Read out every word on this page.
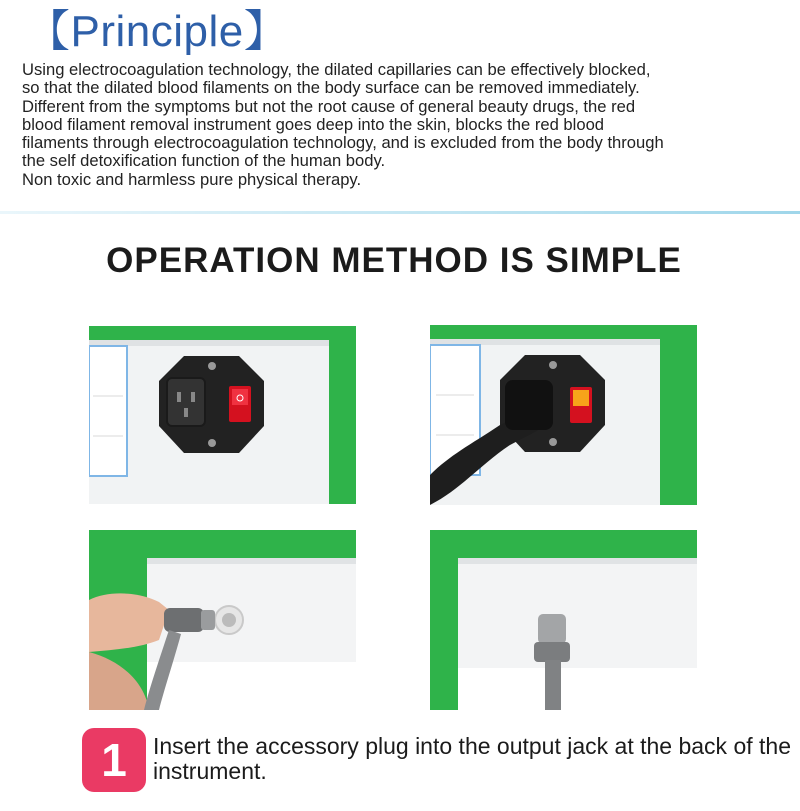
【Principle】

Using electrocoagulation technology, the dilated capillaries can be effectively blocked,

so that the dilated blood filaments on the body surface can be removed immediately.

Different from the symptoms but not the root cause of general beauty drugs, the red

blood filament removal instrument goes deep into the skin, blocks the red blood

filaments through electrocoagulation technology, and is excluded from the body through

the self detoxification function of the human body.

Non toxic and harmless pure physical therapy.

OPERATION METHOD IS SIMPLE
1	Insert the accessory plug into the output jack at the back of the instrument.
